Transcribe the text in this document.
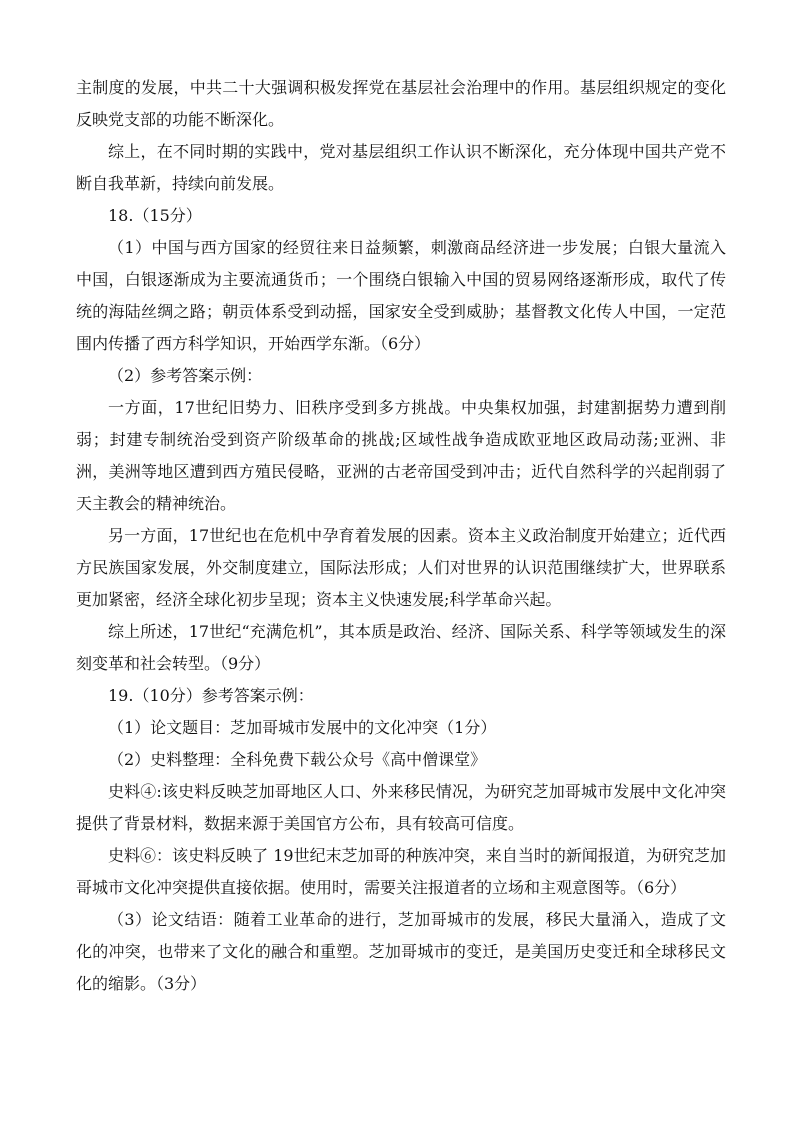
主制度的发展，中共二十大强调积极发挥党在基层社会治理中的作用。基层组织规定的变化反映党支部的功能不断深化。

综上，在不同时期的实践中，党对基层组织工作认识不断深化，充分体现中国共产党不断自我革新，持续向前发展。

18.（15分）

（1）中国与西方国家的经贸往来日益频繁，刺激商品经济进一步发展；白银大量流入中国，白银逐渐成为主要流通货币；一个围绕白银输入中国的贸易网络逐渐形成，取代了传统的海陆丝绸之路；朝贡体系受到动摇，国家安全受到威胁；基督教文化传人中国，一定范围内传播了西方科学知识，开始西学东渐。（6分）

（2）参考答案示例：

一方面，17世纪旧势力、旧秩序受到多方挑战。中央集权加强，封建割据势力遭到削弱；封建专制统治受到资产阶级革命的挑战;区域性战争造成欧亚地区政局动荡;亚洲、非洲，美洲等地区遭到西方殖民侵略，亚洲的古老帝国受到冲击；近代自然科学的兴起削弱了天主教会的精神统治。

另一方面，17世纪也在危机中孕育着发展的因素。资本主义政治制度开始建立；近代西方民族国家发展，外交制度建立，国际法形成；人们对世界的认识范围继续扩大，世界联系更加紧密，经济全球化初步呈现；资本主义快速发展;科学革命兴起。

综上所述，17世纪“充满危机”，其本质是政治、经济、国际关系、科学等领域发生的深刻变革和社会转型。（9分）

19.（10分）参考答案示例：

（1）论文题目：芝加哥城市发展中的文化冲突（1分）

（2）史料整理：全科免费下载公众号《高中僧课堂》

史料④:该史料反映芝加哥地区人口、外来移民情况，为研究芝加哥城市发展中文化冲突提供了背景材料，数据来源于美国官方公布，具有较高可信度。

史料⑥：该史料反映了 19世纪末芝加哥的种族冲突，来自当时的新闻报道，为研究芝加哥城市文化冲突提供直接依据。使用时，需要关注报道者的立场和主观意图等。（6分）

（3）论文结语：随着工业革命的进行，芝加哥城市的发展，移民大量涌入，造成了文化的冲突，也带来了文化的融合和重塑。芝加哥城市的变迁，是美国历史变迁和全球移民文化的缩影。（3分）
